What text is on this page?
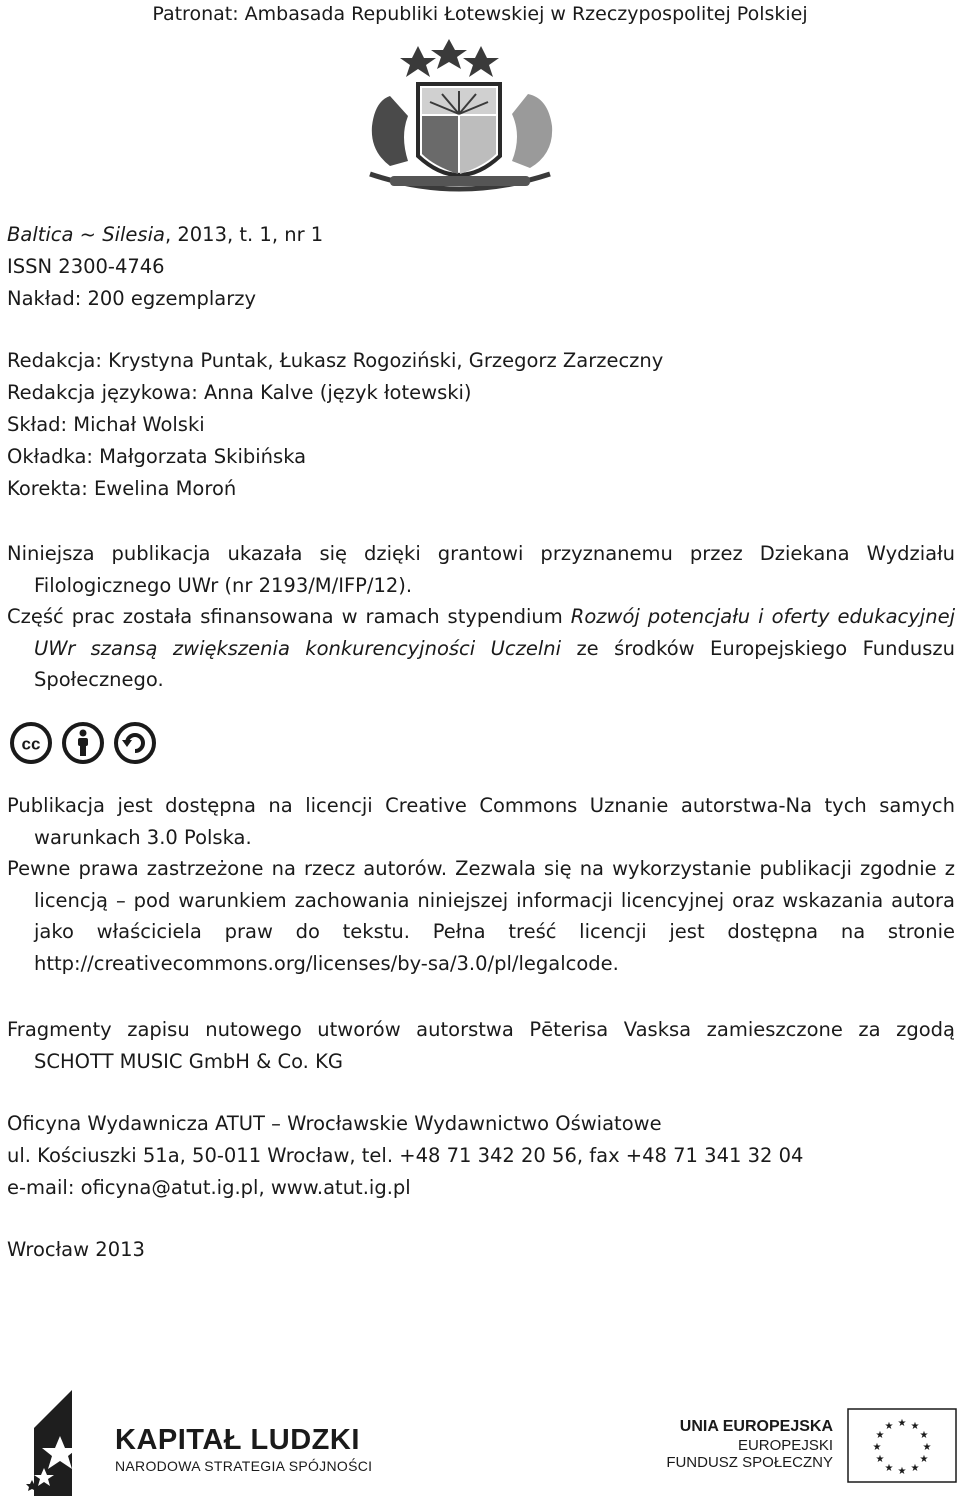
Patronat: Ambasada Republiki Łotewskiej w Rzeczypospolitej Polskiej
Baltica ~ Silesia, 2013, t. 1, nr 1
ISSN 2300-4746
Nakład: 200 egzemplarzy
Redakcja: Krystyna Puntak, Łukasz Rogoziński, Grzegorz Zarzeczny
Redakcja językowa: Anna Kalve (język łotewski)
Skład: Michał Wolski
Okładka: Małgorzata Skibińska
Korekta: Ewelina Moroń

Niniejsza publikacja ukazała się dzięki grantowi przyznanemu przez Dziekana Wydziału Filologicznego UWr (nr 2193/M/IFP/12).

Część prac została sfinansowana w ramach stypendium Rozwój potencjału i oferty edukacyjnej UWr szansą zwiększenia konkurencyjności Uczelni ze środków Europejskiego Funduszu Społecznego.

cc

Publikacja jest dostępna na licencji Creative Commons Uznanie autorstwa-Na tych samych warunkach 3.0 Polska.

Pewne prawa zastrzeżone na rzecz autorów. Zezwala się na wykorzystanie publikacji zgodnie z licencją – pod warunkiem zachowania niniejszej informacji licencyjnej oraz wskazania autora jako właściciela praw do tekstu. Pełna treść licencji jest dostępna na stronie http://creativecommons.org/licenses/by-sa/3.0/pl/legalcode.

Fragmenty zapisu nutowego utworów autorstwa Pēterisa Vasksa zamieszczone za zgodą SCHOTT MUSIC GmbH & Co. KG

Oficyna Wydawnicza ATUT – Wrocławskie Wydawnictwo Oświatowe
ul. Kościuszki 51a, 50-011 Wrocław, tel. +48 71 342 20 56, fax +48 71 341 32 04
e-mail: oficyna@atut.ig.pl, www.atut.ig.pl
Wrocław 2013
KAPITAŁ LUDZKI
NARODOWA STRATEGIA SPÓJNOŚCI
UNIA EUROPEJSKA
EUROPEJSKI
FUNDUSZ SPOŁECZNY
★ ★
★
★
★
★
★
★
★
★
★
★
